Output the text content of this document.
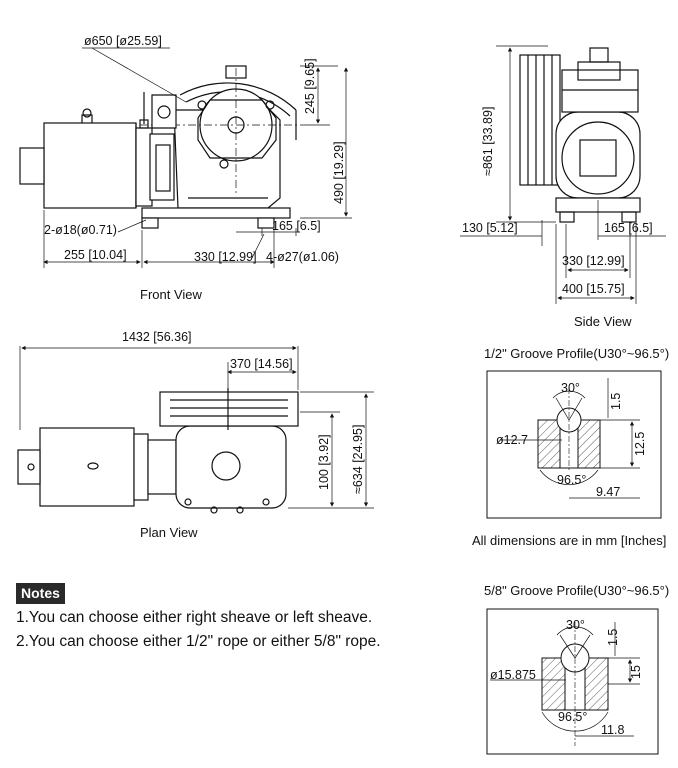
ø650 [ø25.59]
245 [9.65]
490 [19.29]
165 [6.5]
2-ø18(ø0.71)
255 [10.04]	330 [12.99] 4-ø27(ø1.06)
Front View
≈861 [33.89]
130 [5.12]	165 [6.5]
330 [12.99]
400 [15.75]
Side View
1432 [56.36]
370 [14.56]
100 [3.92] ≈634 [24.95]
Plan View
1/2" Groove Profile(U30°~96.5°)
30°
1.5
ø12.7	12.5
96.5°
9.47
All dimensions are in mm [Inches]
5/8" Groove Profile(U30°~96.5°)
30°
1.5
ø15.875	15
96.5°
11.8
Notes
1.You can choose either right sheave or left sheave.
2.You can choose either 1/2" rope or either 5/8" rope.
